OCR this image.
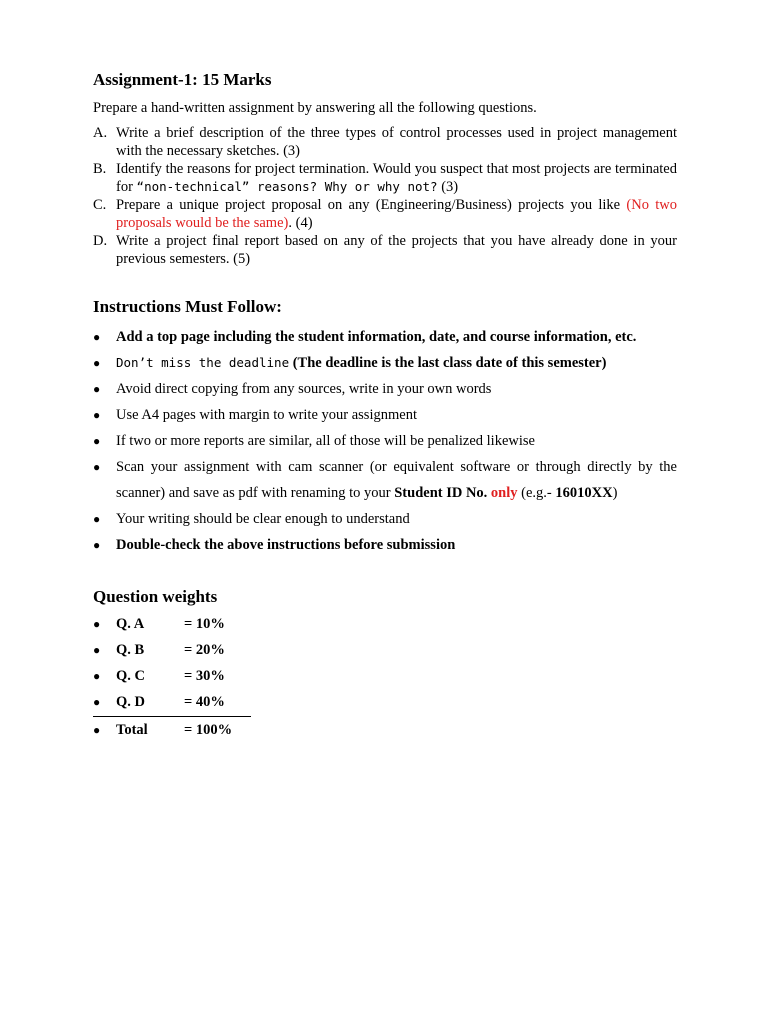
Assignment-1: 15 Marks

Prepare a hand-written assignment by answering all the following questions.

A. Write a brief description of the three types of control processes used in project management with the necessary sketches. (3)
B. Identify the reasons for project termination. Would you suspect that most projects are terminated for “non-technical” reasons? Why or why not? (3)
C. Prepare a unique project proposal on any (Engineering/Business) projects you like (No two proposals would be the same). (4)
D. Write a project final report based on any of the projects that you have already done in your previous semesters. (5)
Instructions Must Follow:
● Add a top page including the student information, date, and course information, etc.
● Don’t miss the deadline (The deadline is the last class date of this semester)
● Avoid direct copying from any sources, write in your own words
● Use A4 pages with margin to write your assignment
● If two or more reports are similar, all of those will be penalized likewise
● Scan your assignment with cam scanner (or equivalent software or through directly by the scanner) and save as pdf with renaming to your Student ID No. only (e.g.- 16010XX)
● Your writing should be clear enough to understand
● Double-check the above instructions before submission
Question weights
● Q. A	= 10%
● Q. B	= 20%
● Q. C	= 30%
● Q. D	= 40%
● Total	= 100%
